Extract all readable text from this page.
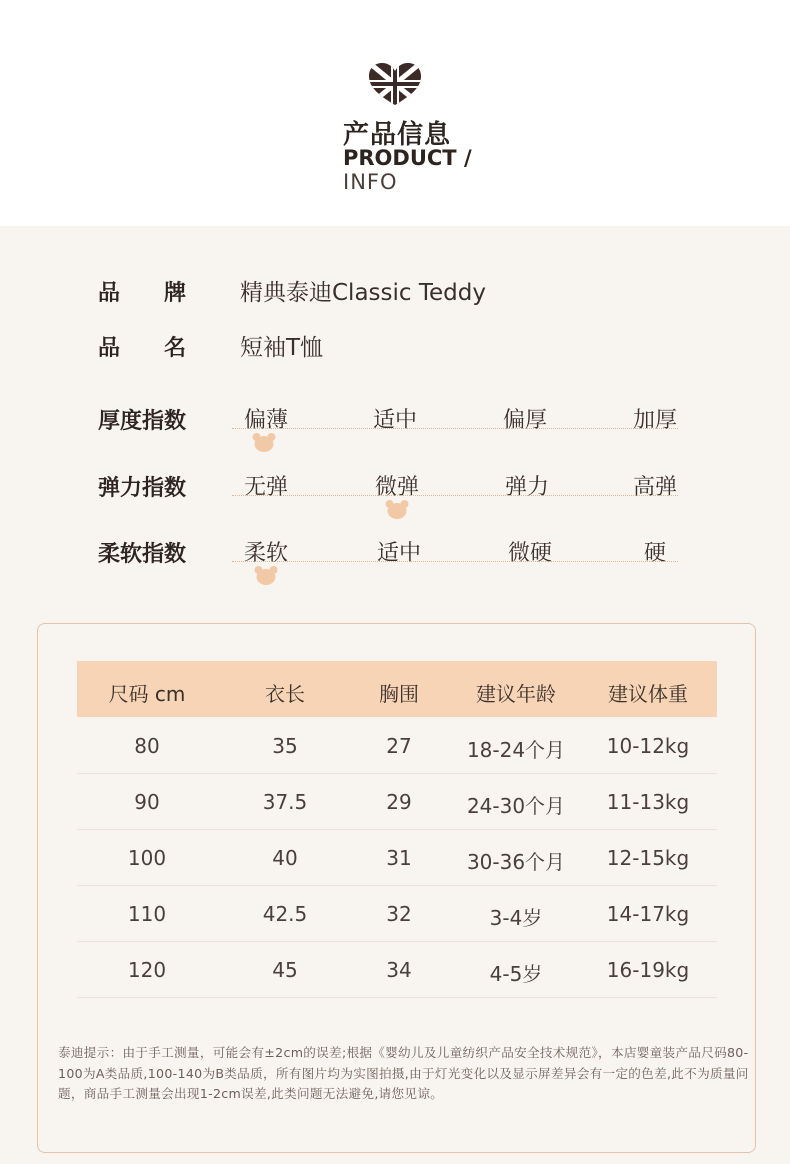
产品信息
PRODUCT /
INFO
品　　牌 精典泰迪Classic Teddy
品　　名 短袖T恤
厚度指数	偏薄	适中	偏厚	加厚
弹力指数	无弹	微弹	弹力	高弹
柔软指数	柔软	适中	微硬	硬
尺码 cm	衣长	胸围	建议年龄	建议体重
80	35	27	18-24个月	10-12kg
90	37.5	29	24-30个月	11-13kg
100	40	31	30-36个月	12-15kg
110	42.5	32	3-4岁	14-17kg
120	45	34	4-5岁	16-19kg
泰迪提示：由于手工测量，可能会有±2cm的误差;根据《婴幼儿及儿童纺织产品安全技术规范》，本店婴童装产品尺码80-100为A类品质,100-140为B类品质，所有图片均为实图拍摄,由于灯光变化以及显示屏差异会有一定的色差,此不为质量问题，商品手工测量会出现1-2cm误差,此类问题无法避免,请您见谅。
